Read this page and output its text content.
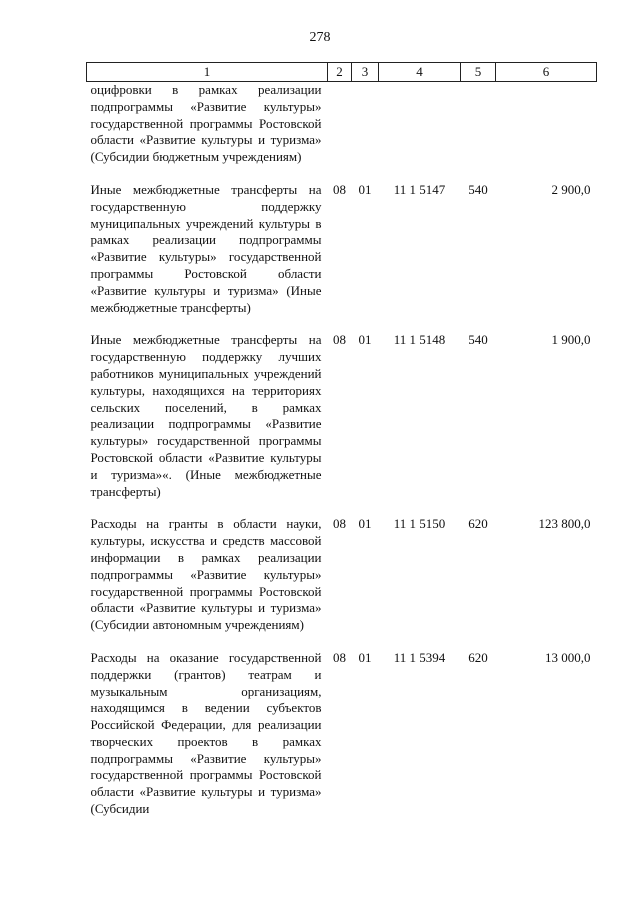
278
1	2	3	4	5	6
оцифровки в рамках реализации подпрограммы «Развитие культуры» государственной программы Ростовской области «Развитие культуры и туризма» (Субсидии бюджетным учреждениям)					
Иные межбюджетные трансферты на государственную поддержку муниципальных учреждений культуры в рамках реализации подпрограммы «Развитие культуры» государственной программы Ростовской области «Развитие культуры и туризма» (Иные межбюджетные трансферты)	08	01	11 1 5147	540	2 900,0
Иные межбюджетные трансферты на государственную поддержку лучших работников муниципальных учреждений культуры, находящихся на территориях сельских поселений, в рамках реализации подпрограммы «Развитие культуры» государственной программы Ростовской области «Развитие культуры и туризма»«. (Иные межбюджетные трансферты)	08	01	11 1 5148	540	1 900,0
Расходы на гранты в области науки, культуры, искусства и средств массовой информации в рамках реализации подпрограммы «Развитие культуры» государственной программы Ростовской области «Развитие культуры и туризма» (Субсидии автономным учреждениям)	08	01	11 1 5150	620	123 800,0
Расходы на оказание государственной поддержки (грантов) театрам и музыкальным организациям, находящимся в ведении субъектов Российской Федерации, для реализации творческих проектов в рамках подпрограммы «Развитие культуры» государственной программы Ростовской области «Развитие культуры и туризма» (Субсидии	08	01	11 1 5394	620	13 000,0
